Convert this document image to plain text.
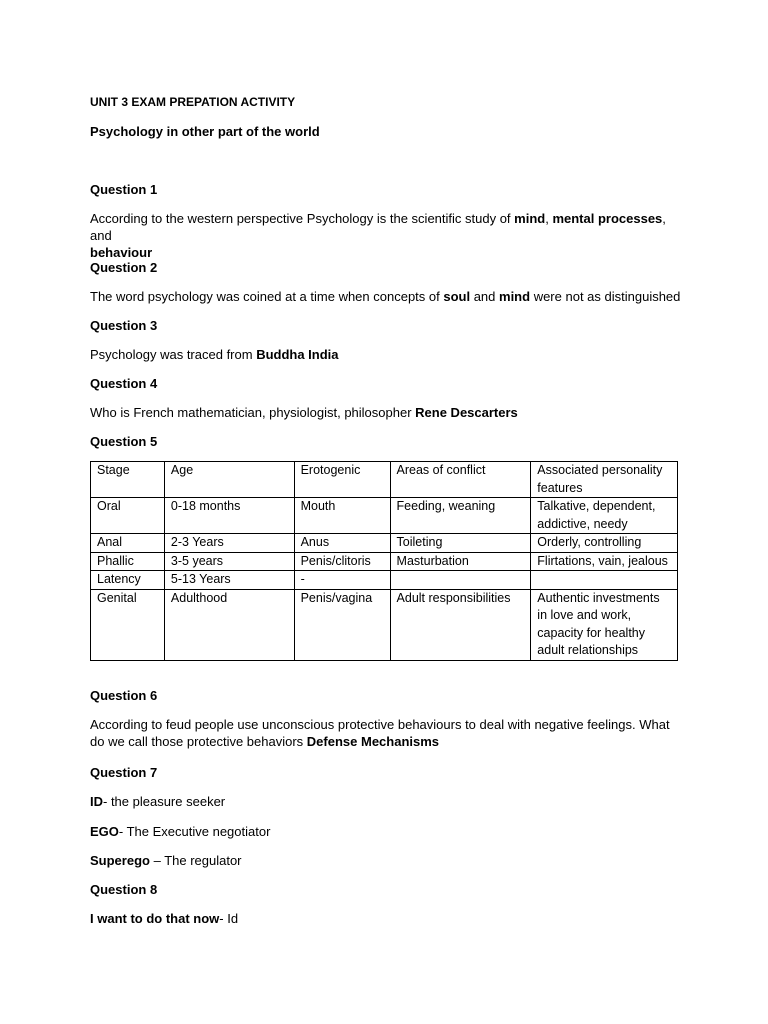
UNIT 3 EXAM PREPATION ACTIVITY
Psychology in other part of the world
Question 1
According to the western perspective Psychology is the scientific study of mind, mental processes, and
behaviour
Question 2
The word psychology was coined at a time when concepts of soul and mind were not as distinguished
Question 3
Psychology was traced from Buddha India
Question 4
Who is French mathematician, physiologist, philosopher Rene Descarters
Question 5
Stage	Age	Erotogenic	Areas of conflict	Associated personality features
Oral	0-18 months	Mouth	Feeding, weaning	Talkative, dependent, addictive, needy
Anal	2-3 Years	Anus	Toileting	Orderly, controlling
Phallic	3-5 years	Penis/clitoris	Masturbation	Flirtations, vain, jealous
Latency	5-13 Years	-		
Genital	Adulthood	Penis/vagina	Adult responsibilities	Authentic investments in love and work, capacity for healthy adult relationships
Question 6
According to feud people use unconscious protective behaviours to deal with negative feelings. What do we call those protective behaviors Defense Mechanisms
Question 7
ID- the pleasure seeker
EGO- The Executive negotiator
Superego – The regulator
Question 8
I want to do that now- Id
